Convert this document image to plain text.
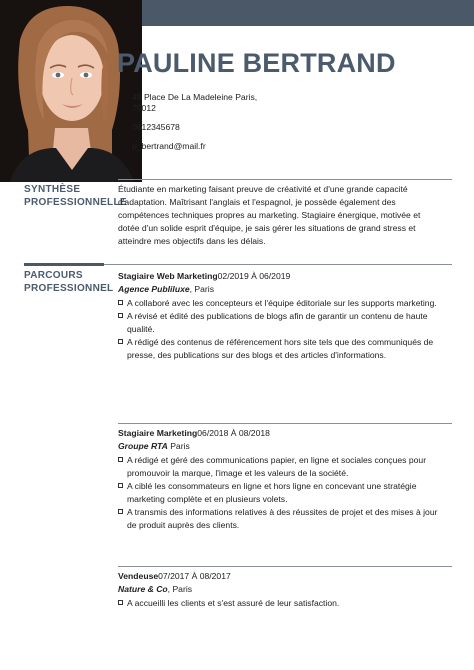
PAULINE BERTRAND
49 Place De La Madeleine Paris, 75012
0612345678
p_bertrand@mail.fr
SYNTHÈSE PROFESSIONNELLE
Étudiante en marketing faisant preuve de créativité et d'une grande capacité d'adaptation. Maîtrisant l'anglais et l'espagnol, je possède également des compétences techniques propres au marketing. Stagiaire énergique, motivée et dotée d'un solide esprit d'équipe, je sais gérer les situations de grand stress et atteindre mes objectifs dans les délais.
PARCOURS PROFESSIONNEL
Stagiaire Web Marketing02/2019 À 06/2019
Agence Publiluxe, Paris
A collaboré avec les concepteurs et l'équipe éditoriale sur les supports marketing.
A révisé et édité des publications de blogs afin de garantir un contenu de haute qualité.
A rédigé des contenus de référencement hors site tels que des communiqués de presse, des publications sur des blogs et des articles d'informations.
Stagiaire Marketing06/2018 À 08/2018
Groupe RTA Paris
A rédigé et géré des communications papier, en ligne et sociales conçues pour promouvoir la marque, l'image et les valeurs de la société.
A ciblé les consommateurs en ligne et hors ligne en concevant une stratégie marketing complète et en plusieurs volets.
A transmis des informations relatives à des réussites de projet et des mises à jour de produit auprès des clients.
Vendeuse07/2017 À 08/2017
Nature & Co, Paris
A accueilli les clients et s'est assuré de leur satisfaction.
